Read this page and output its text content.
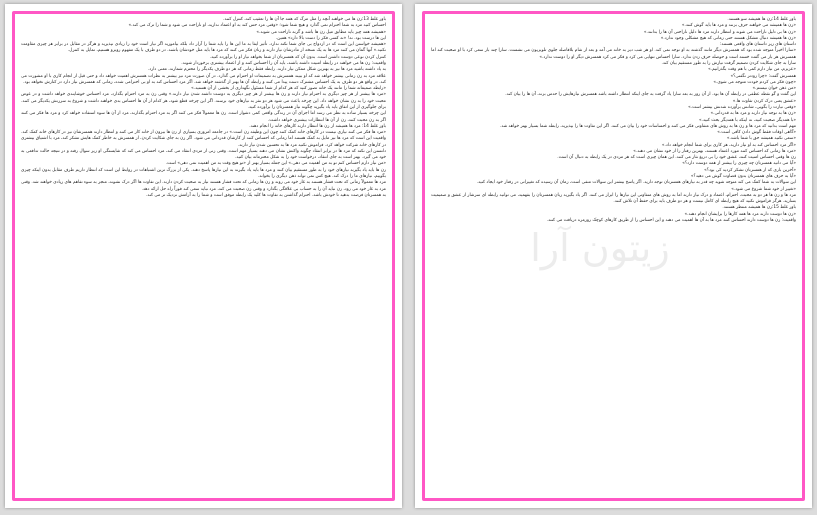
باور غلط 13:زن ها می خواهند آنچه را مثل مرگ که همه جا آن ها را تعقیب کند، کنترل کنند.

احساس کنید مرد به شما احترام نمی گذارد و هیچ شما شود؛ «وقتی مرد حس کند به او اعتماد ندارید، او ناراحت می شود و شما را ترک می کند.»

«همیشه همه چیز باید مطابق میل زن ها باشد و گرنه ناراحت می شوند.»

این ها درست بود. نه! «نه کسی فکر را دست بالا دارد» همین.

«همیشه خواستن این است که در ازدواج بی جای شما نکته ندارد. تأثیر ایفا به ما این ها را باید شما را آزار داد بلکه بیاموزید اگر نیاز است خود را زیادی نپذیرید و هرگز در مقابل در برابر هر چیزی مقاومت نکنید.» آنها گمان می کنند مرد ها به یک نسخه از مادرشان نیاز دارند و زنان فکر می کنند که مرد ها باید مثل خودشان باشند. در دو طرف با یک مفهوم روبرو هستیم، تمایل به کنترل.

کنترل کردن نوعی دوست داشتن است. بدون آن که همسرتان از شما بخواهد نیاز او را برآورده کنید.

واقعیت: زن ها می خواهند در رابطه امنیت داشته باشند، باید آن را احساس کنند و از اعتماد بیشتری برخوردار شوند.

به یاد داشته باشید مرد ها نیز به بهترین شکل ممکن نیاز دارند. رابطه فقط زمانی که هر دو طرف یکدیگر را محترم شمارند، معنی دارد.

علاقه مرد به زن زمانی بیشتر خواهد شد که او ببیند همسرش به تصمیمات او احترام می گذارد. در آن صورت مرد نیز بیشتر به نظرات همسرش اهمیت خواهد داد و حتی قبل از انجام کاری با او مشورت می کند. در واقع هر دو طرف به یک احساس مشترک دست پیدا می کنند و رابطه آن ها بهتر از گذشته خواهد شد. اگر مرد احساس کند به او بی احترامی شده، زمانی که همسرش نیاز دارد در کنارش نخواهد بود.

«رابطه صمیمانه شما را مانند یک خانه تصور کنید که هر کدام از شما مسئول نگهداری از بخشی از آن هستید.»

«مرد ها بیشتر از هر چیز دیگری به احترام نیاز دارند و زن ها بیشتر از هر چیز دیگری به دوست داشته شدن نیاز دارند.» وقتی زن به مرد احترام بگذارد، مرد احساس خوشایندی خواهد داشت و در عوض محبت خود را به زن نشان خواهد داد. این چرخه باعث می شود هر دو نفر به نیازهای خود برسند. اگر این چرخه قطع شود، هر کدام از آن ها احساس بدی خواهند داشت و شروع به سرزنش یکدیگر می کنند. برای جلوگیری از این اتفاق باید یاد بگیرید چگونه نیاز همسرتان را برآورده کنید.

این چرخه بسیار ساده به نظر می رسد اما اجرای آن در زندگی واقعی کمی دشوار است. زن ها معمولاً فکر می کنند اگر به مرد احترام بگذارند، مرد از آن ها سوء استفاده خواهد کرد و مرد ها فکر می کنند اگر به زن محبت کنند، زن از آن ها انتظارات بیشتری خواهد داشت.

باور غلط 14: مرد ها همیشه از زن ها انتظار دارند کارهای خانه را انجام دهند.

«مرد ها فکر می کنند نیازی نیست در کارهای خانه کمک کنند چون این وظیفه زن است.» در جامعه امروزی بسیاری از زن ها بیرون از خانه کار می کنند و انتظار دارند همسرشان نیز در کارهای خانه کمک کند. واقعیت این است که مرد ها نیز مایل به کمک هستند اما زمانی که احساس کنند از کارشان قدردانی می شود. اگر زن به جای شکایت کردن، از همسرش به خاطر کمک هایش تشکر کند، مرد با اشتیاق بیشتری در کارهای خانه شرکت خواهد کرد. فراموش نکنید مرد ها به تحسین شدن نیاز دارند.

دانستن این نکته که مرد ها در برابر انتقاد چگونه واکنش نشان می دهند بسیار مهم است. وقتی زنی از مردی انتقاد می کند، مرد احساس می کند که شایستگی او زیر سوال رفته و در نتیجه حالت تدافعی به خود می گیرد. بهتر است به جای انتقاد، درخواست خود را به شکل محترمانه بیان کنید.

«من نیاز دارم احساس کنم تو به من اهمیت می دهی.» این جمله بسیار بهتر از «تو هیچ وقت به من اهمیت نمی دهی» است.

زن ها باید یاد بگیرند نیازهای خود را به طور مستقیم بیان کنند و مرد ها باید یاد بگیرند به این نیازها پاسخ دهند. یکی از بزرگ ترین اشتباهات در روابط این است که انتظار داریم طرف مقابل بدون اینکه چیزی بگوییم، نیازهای ما را درک کند. هیچ کس نمی تواند ذهن دیگری را بخواند.

مرد ها معمولاً زمانی که تحت فشار هستند به غار خود می روند و زن ها زمانی که تحت فشار هستند نیاز به صحبت کردن دارند. این تفاوت ها اگر درک نشوند، منجر به سوء تفاهم های زیادی خواهند شد. وقتی مرد به غار خود می رود، زن نباید آن را به حساب بی علاقگی بگذارد و وقتی زن صحبت می کند، مرد نباید سعی کند فوراً راه حل ارائه دهد.

به همسرتان فرصت بدهید تا خودش باشد. احترام گذاشتن به تفاوت ها کلید یک رابطه موفق است و شما را به آرامش نزدیک تر می کند.

باور غلط 14:زن ها همیشه سو هستند.

«زن ها همیشه می خواهند حرف بزنند و مرد ها باید گوش کنند.»

«زن ها بی دلیل ناراحت می شوند و انتظار دارند مرد ها دلیل ناراحتی آن ها را بدانند.»

«زن ها همیشه دنبال مشکل هستند حتی زمانی که هیچ مشکلی وجود ندارد.»

داستان های زیر داستان های واقعی هستند:

«سارا اخیراً متوجه شده بود که همسرش دیگر مانند گذشته به او توجه نمی کند. او هر شب دیر به خانه می آمد و بعد از شام بلافاصله جلوی تلویزیون می نشست. سارا چند بار سعی کرد با او صحبت کند اما همسرش هر بار می گفت خسته است و حوصله حرف زدن ندارد. سارا احساس تنهایی می کرد و فکر می کرد همسرش دیگر او را دوست ندارد.»

سارا به جای شکایت کردن تصمیم گرفت نیازش را به طور مستقیم بیان کند.

«عزیزم، من نیاز دارم کمی با هم وقت بگذرانیم.»

همسرش گفت: «چرا زودتر نگفتی؟»

«چون فکر می کردم خودت متوجه می شوی.»

«من ذهن خوان نیستم.»

این گفت و گو نقطه عطفی در رابطه آن ها بود. از آن روز به بعد سارا یاد گرفت به جای اینکه انتظار داشته باشد همسرش نیازهایش را حدس بزند، آن ها را بیان کند.

«عشق یعنی درک کردن تفاوت ها.»

«وقتی نیازت را بگویی، شانس برآورده شدنش بیشتر است.»

«زن ها به توجه نیاز دارند و مرد ها به قدردانی.»

«با همدیگر صحبت کنید، نه اینکه با همدیگر بحث کنید.»

مهم است بدانید که مرد ها و زن ها به روش های متفاوتی فکر می کنند و احساسات خود را بیان می کنند. اگر این تفاوت ها را بپذیرید، رابطه شما بسیار بهتر خواهد شد.

«گاهی اوقات فقط گوش دادن کافی است.»

«سعی نکنید همیشه حق با شما باشد.»

«اگر مرد احساس کند به او نیاز دارید، هر کاری برای شما انجام خواهد داد.»

«مرد ها زمانی که احساس کنند مورد اعتماد هستند، بهترین رفتار را از خود نشان می دهند.»

زن ها وقتی احساس امنیت کنند، عشق خود را بی دریغ نثار می کنند. این همان چیزی است که هر مردی در یک رابطه به دنبال آن است.

«آیا می دانید همسرتان چه چیزی را بیشتر از همه دوست دارد؟»

«آخرین باری که از همسرتان تشکر کردید کی بود؟»

«آیا به حرف های همسرتان بدون قضاوت گوش می دهید؟»

این سوالات به شما کمک می کند متوجه شوید چه قدر به نیازهای همسرتان توجه دارید. اگر پاسخ بیشتر این سوالات منفی است، زمان آن رسیده که تغییراتی در رفتار خود ایجاد کنید.

«تغییر از خود شما شروع می شود.»

مرد ها و زن ها هر دو به محبت، احترام، اعتماد و درک نیاز دارند اما به روش های متفاوتی این نیازها را ابراز می کنند. اگر یاد بگیرید زبان همسرتان را بفهمید، می توانید رابطه ای سرشار از عشق و صمیمیت بسازید. هرگز فراموش نکنید که هیچ رابطه ای کامل نیست و هر دو طرف باید برای حفظ آن تلاش کنند.

باور غلط 15:زن ها همیشه منتظر هستند.

«زن ها دوست دارند مرد ها همه کارها را برایشان انجام دهند.»

واقعیت: زن ها دوست دارند احساس کنند مرد ها به آن ها اهمیت می دهند و این احساس را از طریق کارهای کوچک روزمره دریافت می کنند.

زیتون آرا
